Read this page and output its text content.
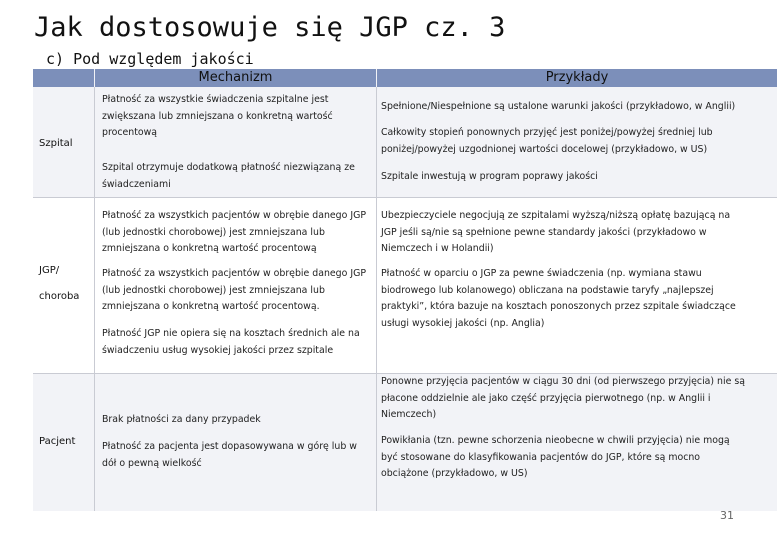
Jak dostosowuje się JGP cz. 3
c) Pod względem jakości
Mechanizm	Przykłady
Szpital
Płatność za wszystkie świadczenia szpitalne jest zwiększana lub zmniejszana o konkretną wartość procentową
Szpital otrzymuje dodatkową płatność niezwiązaną ze świadczeniami
Spełnione/Niespełnione są ustalone warunki jakości (przykładowo, w Anglii)
Całkowity stopień ponownych przyjęć jest poniżej/powyżej średniej lub poniżej/powyżej uzgodnionej wartości docelowej (przykładowo, w US)
Szpitale inwestują w program poprawy jakości
JGP/
choroba
Płatność za wszystkich pacjentów w obrębie danego JGP (lub jednostki chorobowej) jest zmniejszana lub zmniejszana o konkretną wartość procentową
Płatność za wszystkich pacjentów w obrębie danego JGP (lub jednostki chorobowej) jest zmniejszana lub zmniejszana o konkretną wartość procentową.
Płatność JGP nie opiera się na kosztach średnich ale na świadczeniu usług wysokiej jakości przez szpitale
Ubezpieczyciele negocjują ze szpitalami wyższą/niższą opłatę bazującą na JGP jeśli są/nie są spełnione pewne standardy jakości (przykładowo w Niemczech i w Holandii)
Płatność w oparciu o JGP za pewne świadczenia (np. wymiana stawu biodrowego lub kolanowego) obliczana na podstawie taryfy „najlepszej praktyki”, która bazuje na kosztach ponoszonych przez szpitale świadczące usługi wysokiej jakości (np. Anglia)
Pacjent
Brak płatności za dany przypadek
Płatność za pacjenta jest dopasowywana w górę lub w dół o pewną wielkość
Ponowne przyjęcia pacjentów w ciągu 30 dni (od pierwszego przyjęcia) nie są płacone oddzielnie ale jako część przyjęcia pierwotnego (np. w Anglii i Niemczech)
Powikłania (tzn. pewne schorzenia nieobecne w chwili przyjęcia) nie mogą być stosowane do klasyfikowania pacjentów do JGP, które są mocno obciążone (przykładowo, w US)
31
